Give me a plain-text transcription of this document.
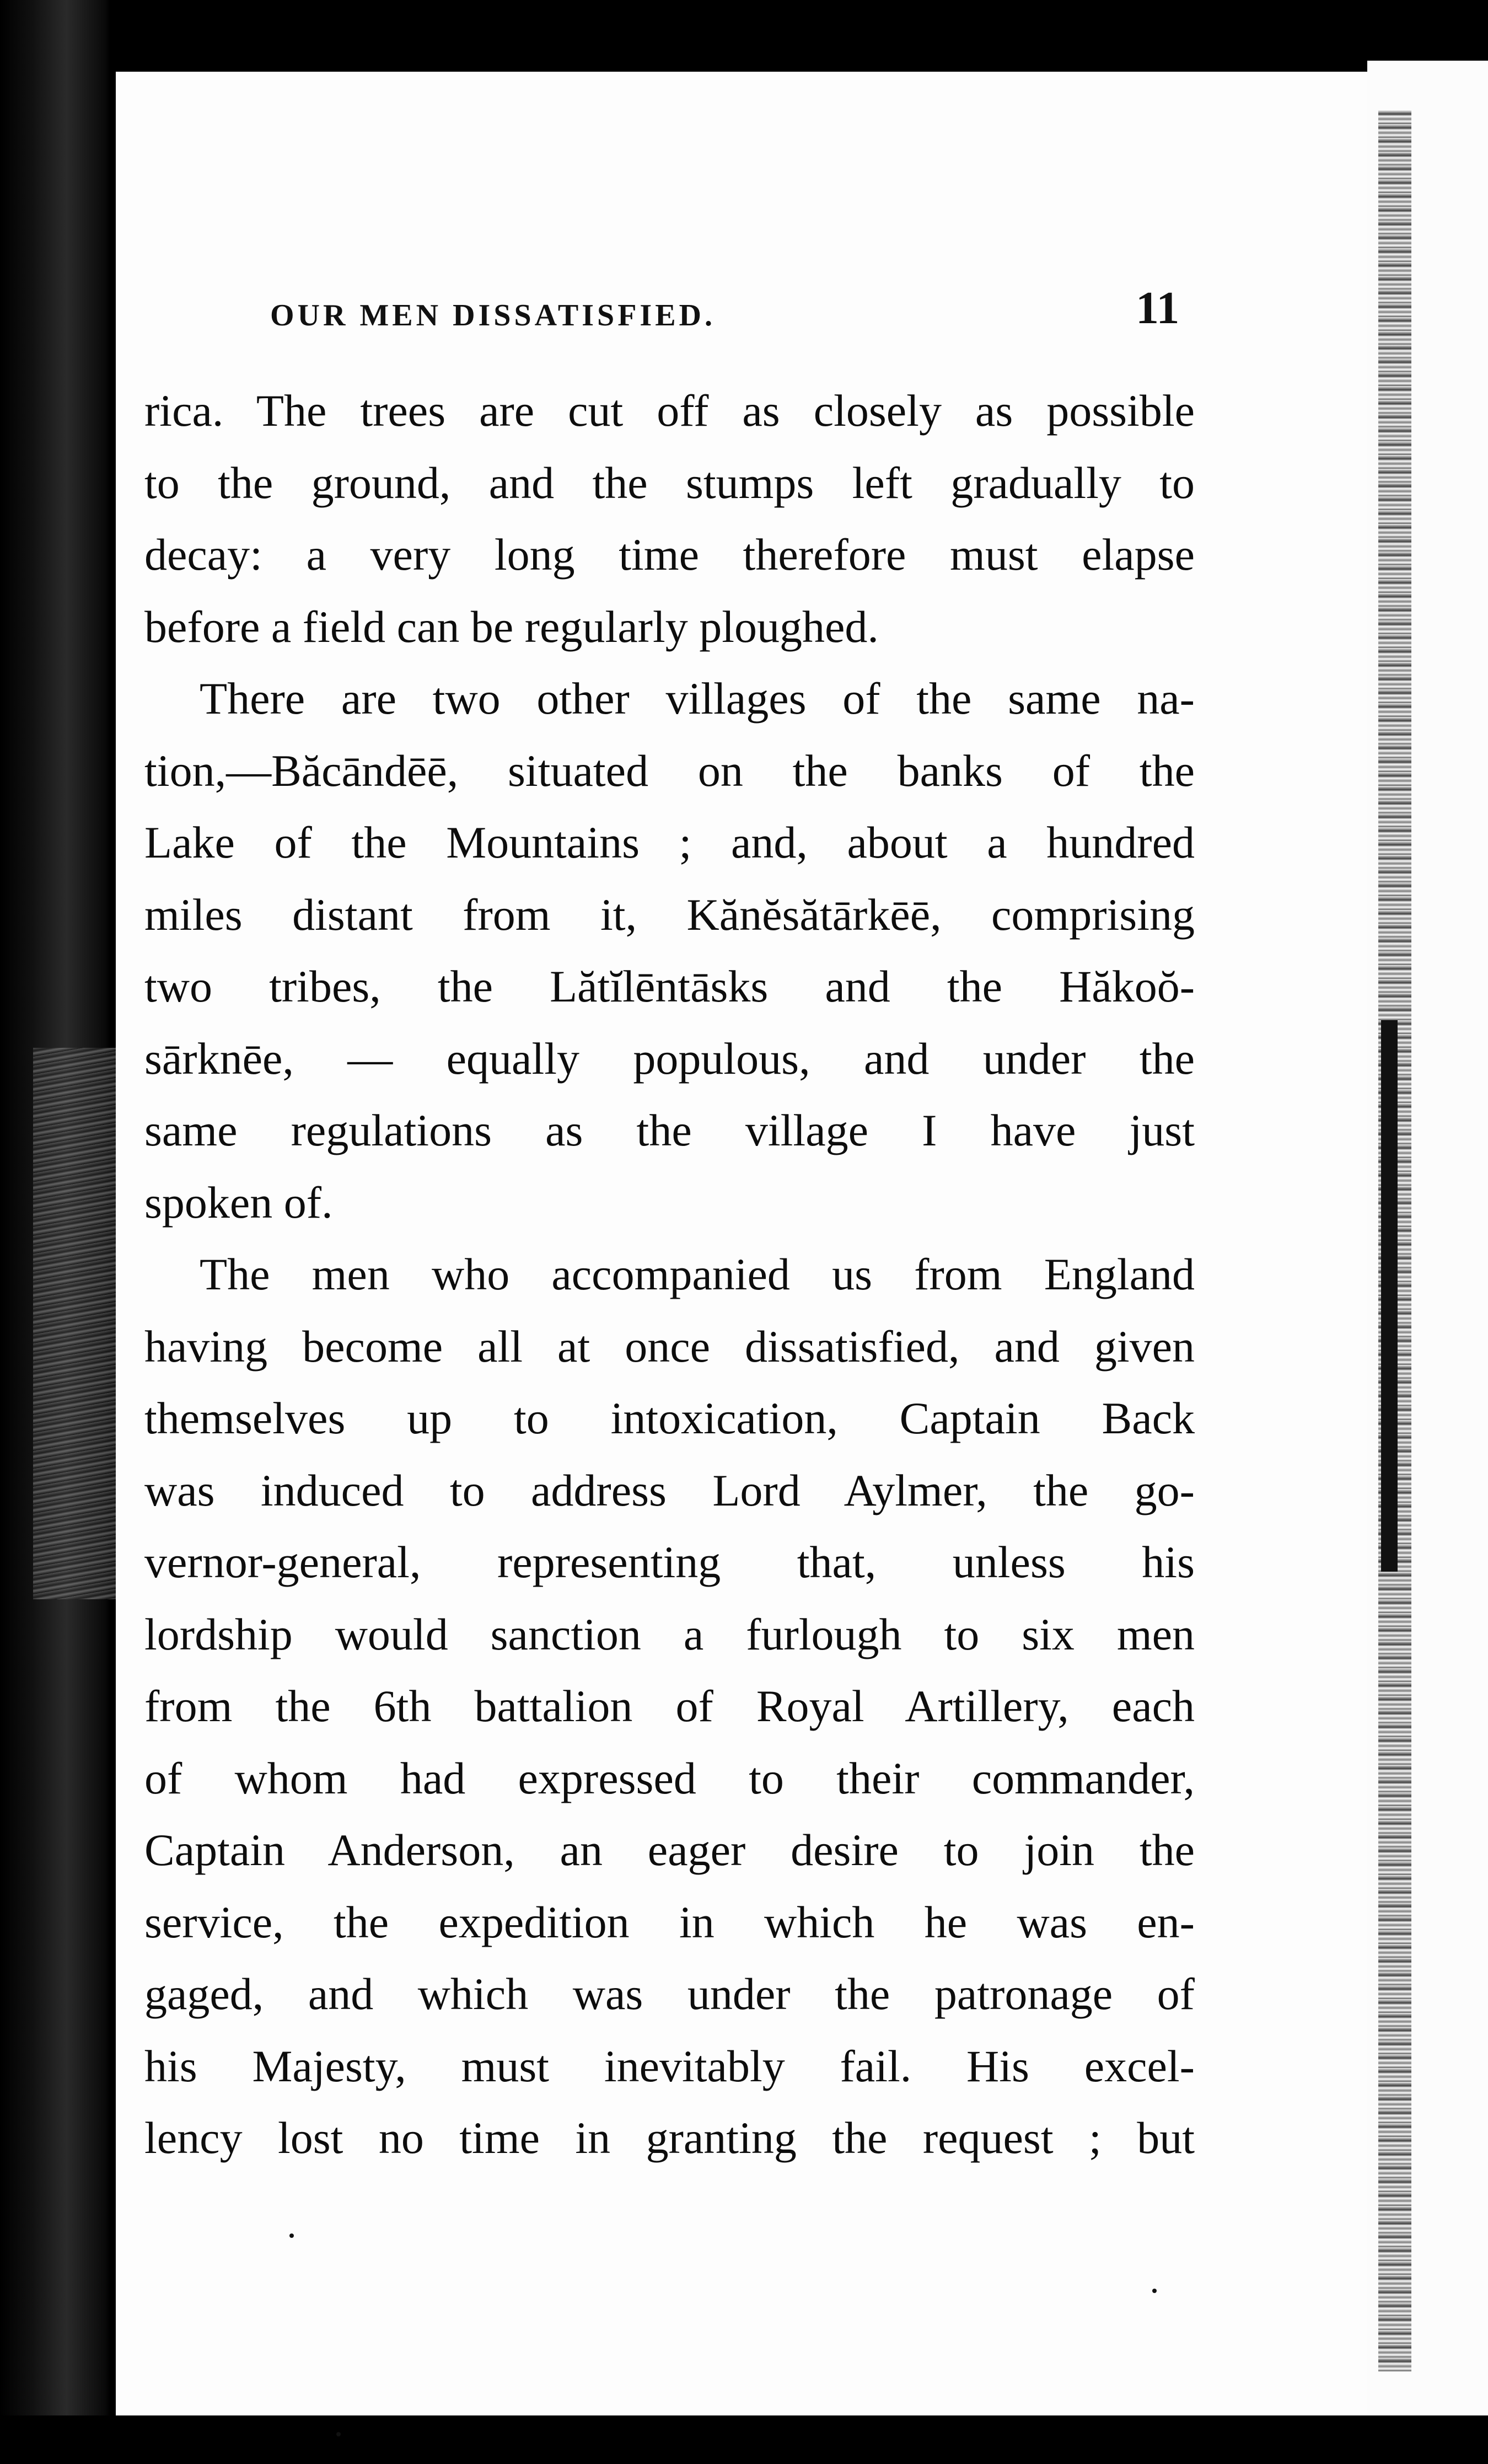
OUR MEN DISSATISFIED.	11
rica. The trees are cut off as closely as possible
to the ground, and the stumps left gradually to
decay: a very long time therefore must elapse
before a field can be regularly ploughed.
There are two other villages of the same na-
tion,—Băcāndēē, situated on the banks of the
Lake of the Mountains ; and, about a hundred
miles distant from it, Kănĕsătārkēē, comprising
two tribes, the Lătĭlēntāsks and the Hăkoŏ-
sārknēe, — equally populous, and under the
same regulations as the village I have just
spoken of.
The men who accompanied us from England
having become all at once dissatisfied, and given
themselves up to intoxication, Captain Back
was induced to address Lord Aylmer, the go-
vernor-general, representing that, unless his
lordship would sanction a furlough to six men
from the 6th battalion of Royal Artillery, each
of whom had expressed to their commander,
Captain Anderson, an eager desire to join the
service, the expedition in which he was en-
gaged, and which was under the patronage of
his Majesty, must inevitably fail. His excel-
lency lost no time in granting the request ; but
